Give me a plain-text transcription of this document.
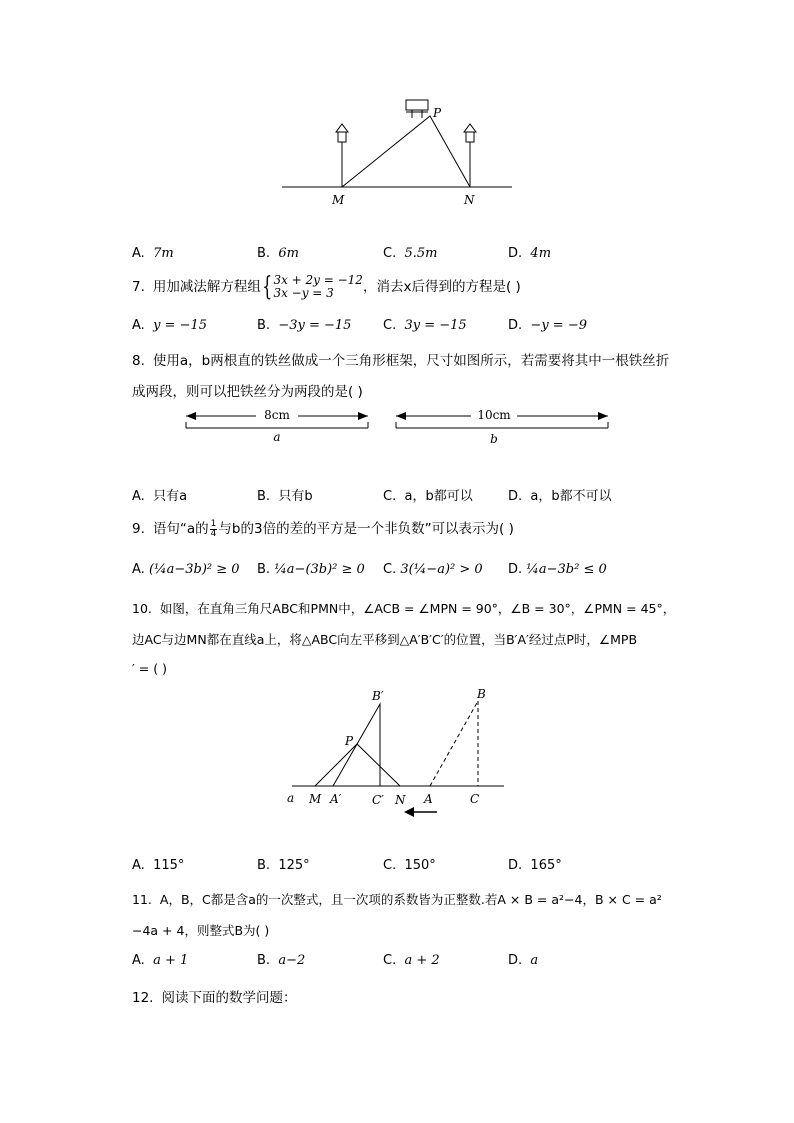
P
M	N
A. 7m	B. 6m	C. 5.5m	D. 4m
7. 用加减法解方程组{ 3x + 2y = −12
3x −y = 3	，消去x后得到的方程是( )
A. y = −15	B. −3y = −15 C. 3y = −15	D. −y = −9
8. 使用a，b两根直的铁丝做成一个三角形框架，尺寸如图所示，若需要将其中一根铁丝折
成两段，则可以把铁丝分为两段的是( )
8cm
a
10cm
b
A. 只有a	B. 只有b	C. a，b都可以	D. a，b都不可以
9. 语句“a的 $\frac{1}{4}$ 与b的3倍的差的平方是一个非负数”可以表示为( )
A. (¼a−3b)² ≥ 0 B. ¼a−(3b)² ≥ 0 C. 3(¼−a)² > 0 D. ¼a−3b² ≤ 0
10. 如图，在直角三角尺ABC和PMN中，∠ACB = ∠MPN = 90°，∠B = 30°，∠PMN = 45°，
边AC与边MN都在直线a上，将△ABC向左平移到△A′B′C′的位置，当B′A′经过点P时，∠MPB
′ = ( )
B′	B
P
a M A′	C′ N A	C
A. 115°	B. 125°	C. 150°	D. 165°
11. A，B，C都是含a的一次整式，且一次项的系数皆为正整数.若A × B = a²−4，B × C = a²
−4a + 4，则整式B为( )
A. a + 1	B. a−2	C. a + 2	D. a
12. 阅读下面的数学问题：
